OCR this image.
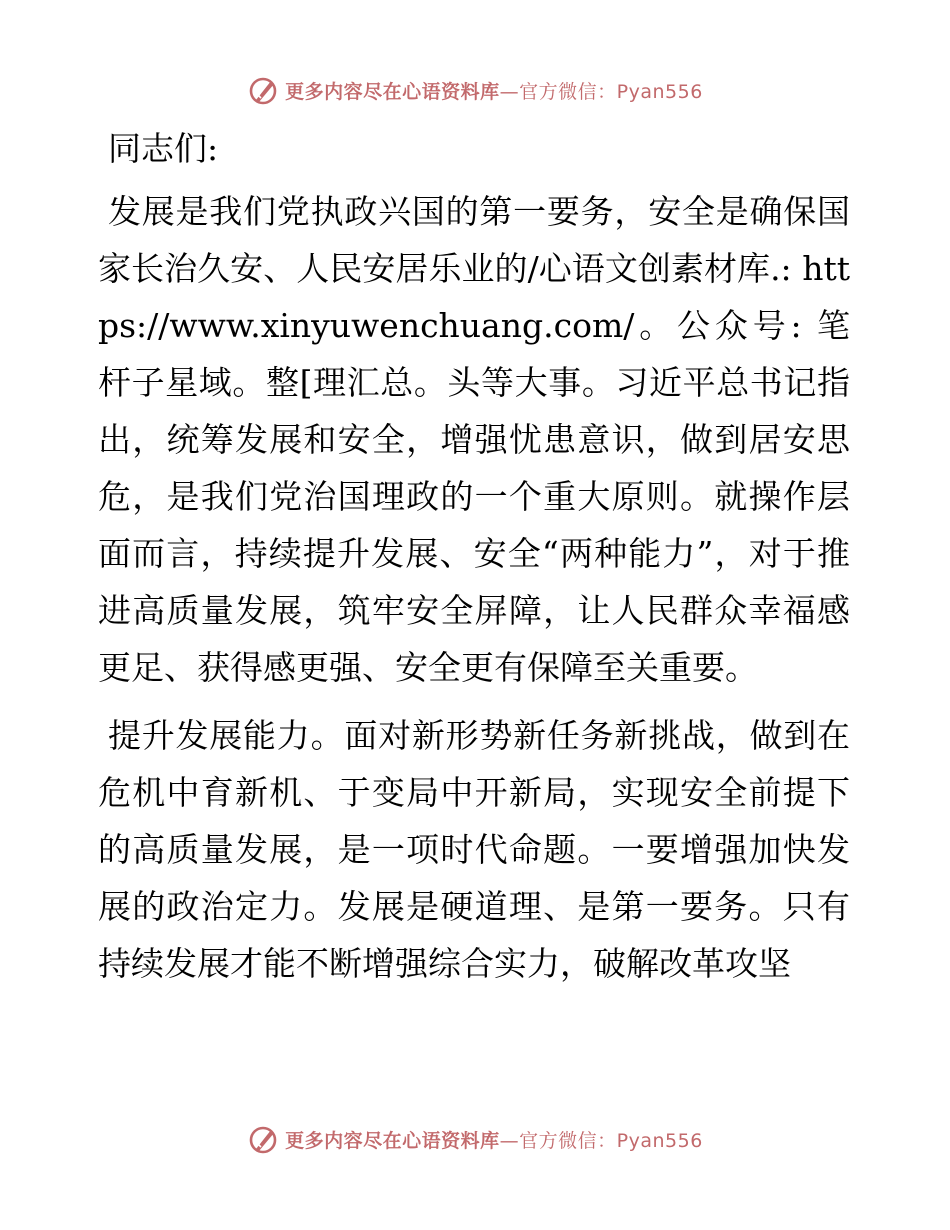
更多内容尽在心语资料库—官方微信：Pyan556
同志们:

发展是我们党执政兴国的第一要务，安全是确保国家长治久安、人民安居乐业的/心语文创素材库.: https://www.xinyuwenchuang.com/。公众号: 笔杆子星域。整[理汇总。头等大事。习近平总书记指出，统筹发展和安全，增强忧患意识，做到居安思危，是我们党治国理政的一个重大原则。就操作层面而言，持续提升发展、安全“两种能力”，对于推进高质量发展，筑牢安全屏障，让人民群众幸福感更足、获得感更强、安全更有保障至关重要。

提升发展能力。面对新形势新任务新挑战，做到在危机中育新机、于变局中开新局，实现安全前提下的高质量发展，是一项时代命题。一要增强加快发展的政治定力。发展是硬道理、是第一要务。只有持续发展才能不断增强综合实力，破解改革攻坚

更多内容尽在心语资料库—官方微信：Pyan556
